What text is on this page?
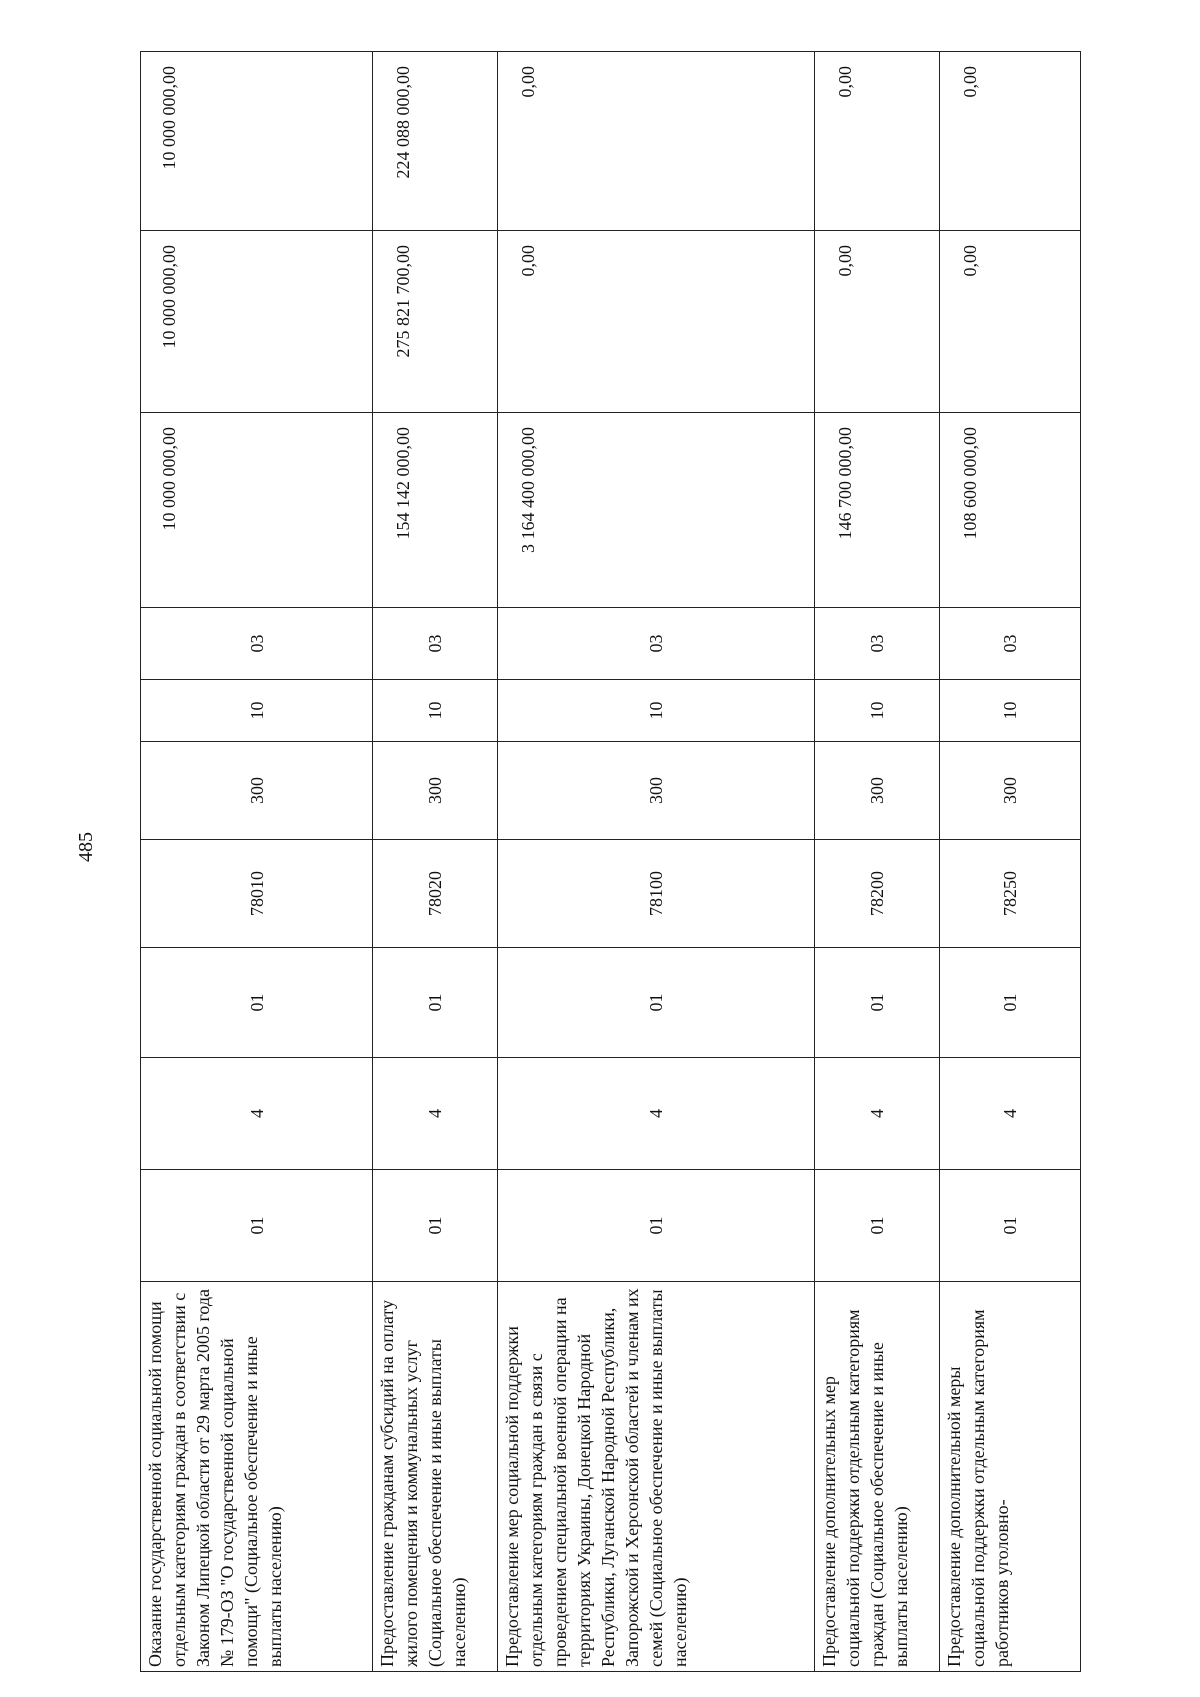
485
Оказание государственной социальной помощи отдельным категориям граждан в соответствии с Законом Липецкой области от 29 марта 2005 года № 179-ОЗ "О государственной социальной помощи" (Социальное обеспечение и иные выплаты населению)	01	4	01	78010	300	10	03	10 000 000,00	10 000 000,00	10 000 000,00
Предоставление гражданам субсидий на оплату жилого помещения и коммунальных услуг (Социальное обеспечение и иные выплаты населению)	01	4	01	78020	300	10	03	154 142 000,00	275 821 700,00	224 088 000,00
Предоставление мер социальной поддержки отдельным категориям граждан в связи с проведением специальной военной операции на территориях Украины, Донецкой Народной Республики, Луганской Народной Республики, Запорожской и Херсонской областей и членам их семей (Социальное обеспечение и иные выплаты населению)	01	4	01	78100	300	10	03	3 164 400 000,00	0,00	0,00
Предоставление дополнительных мер социальной поддержки отдельным категориям граждан (Социальное обеспечение и иные выплаты населению)	01	4	01	78200	300	10	03	146 700 000,00	0,00	0,00
Предоставление дополнительной меры социальной поддержки отдельным категориям работников уголовно-	01	4	01	78250	300	10	03	108 600 000,00	0,00	0,00
